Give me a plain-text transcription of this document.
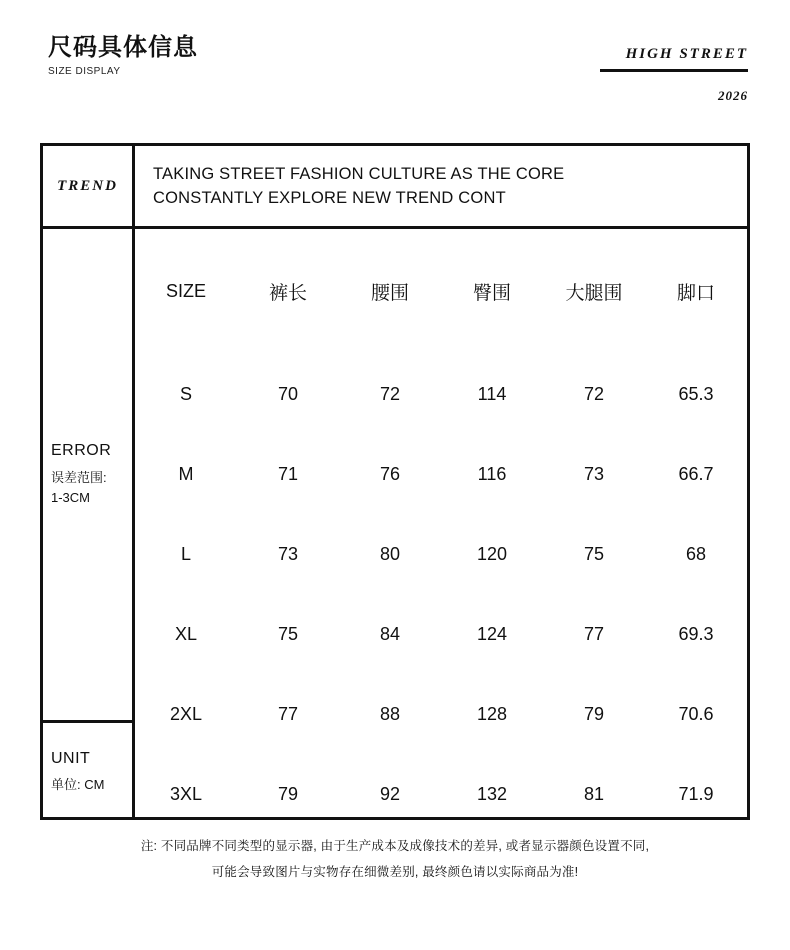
尺码具体信息
SIZE DISPLAY
HIGH STREET
2026
TREND
TAKING STREET FASHION CULTURE AS THE CORE
CONSTANTLY EXPLORE NEW TREND CONT
ERROR
误差范围:
1-3CM
UNIT
单位: CM
SIZE	裤长	腰围	臀围	大腿围	脚口
S	70	72	114	72	65.3
M	71	76	116	73	66.7
L	73	80	120	75	68
XL	75	84	124	77	69.3
2XL	77	88	128	79	70.6
3XL	79	92	132	81	71.9
注: 不同品牌不同类型的显示器, 由于生产成本及成像技术的差异, 或者显示器颜色设置不同,
可能会导致图片与实物存在细微差别, 最终颜色请以实际商品为准!
